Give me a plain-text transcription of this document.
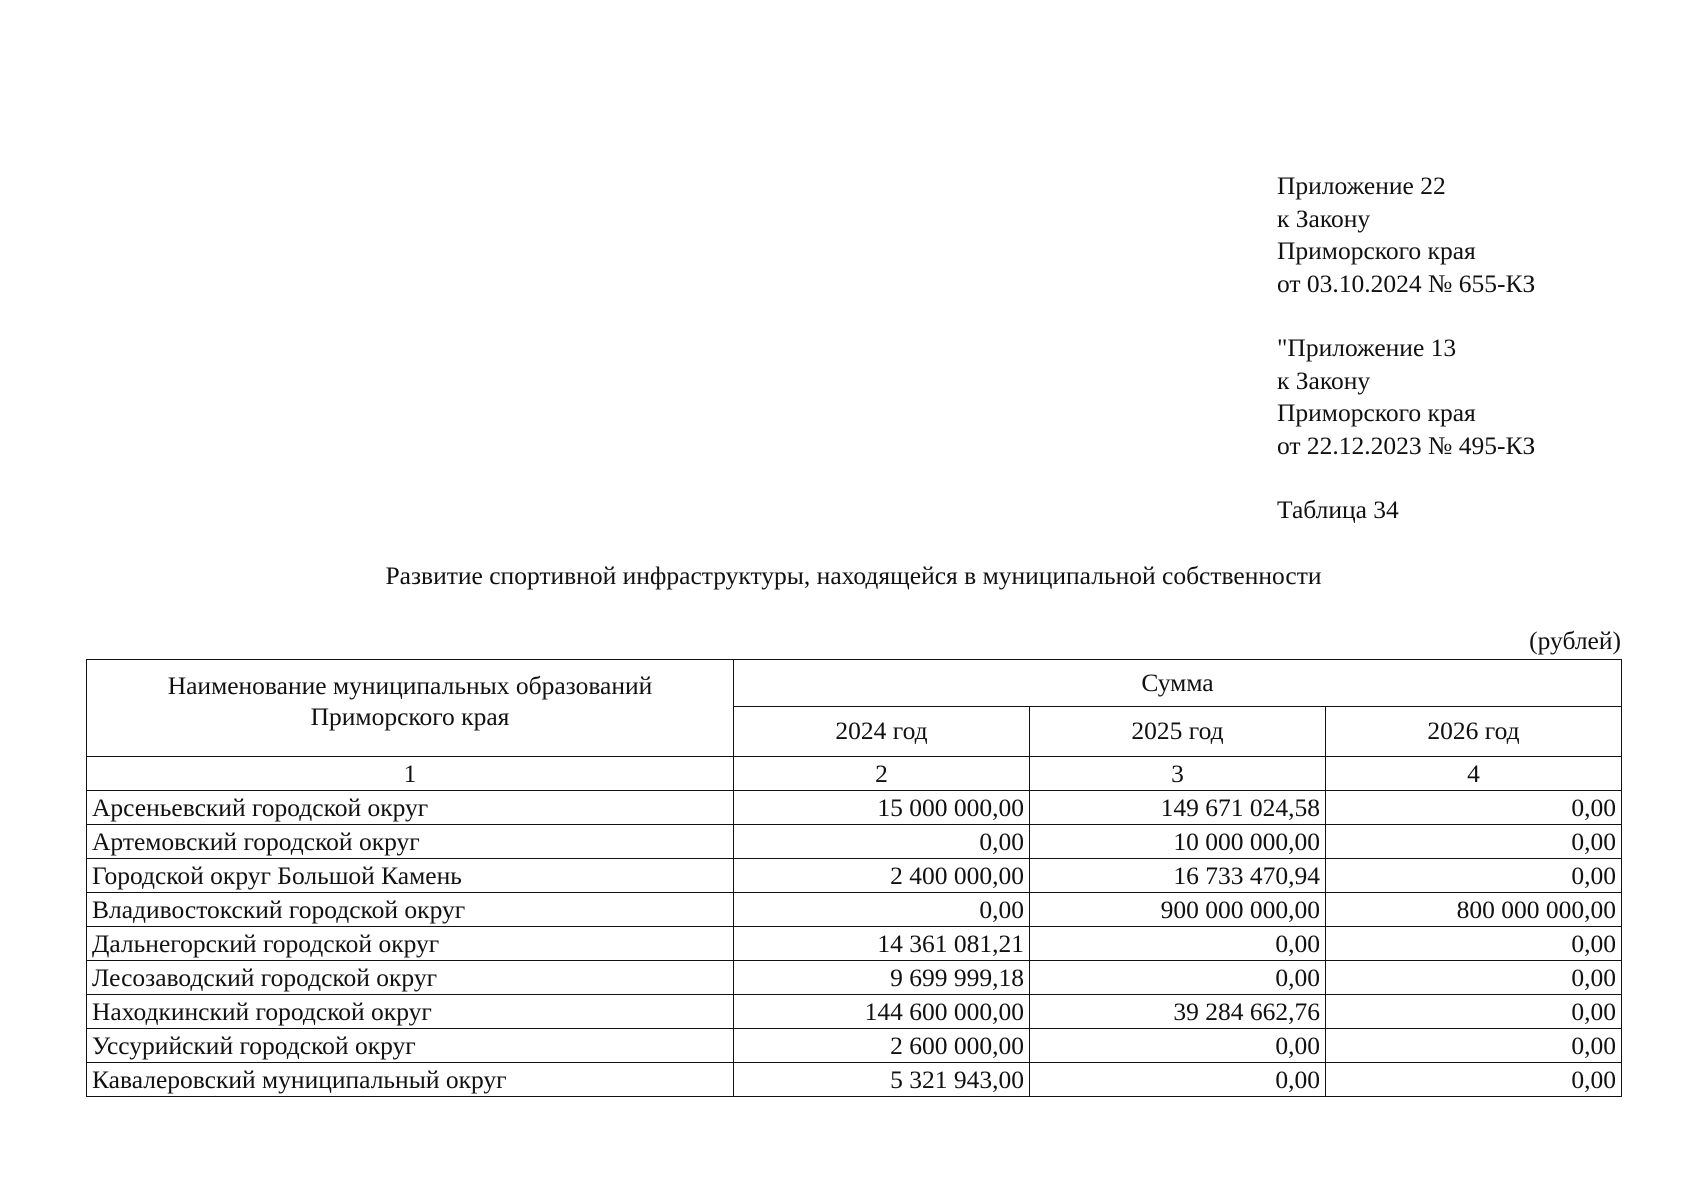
Приложение 22
к Закону
Приморского края
от 03.10.2024 № 655-КЗ
"Приложение 13
к Закону
Приморского края
от 22.12.2023 № 495-КЗ
Таблица 34
Развитие спортивной инфраструктуры, находящейся в муниципальной собственности
(рублей)
Наименование муниципальных образований Приморского края	Сумма		
	2024 год	2025 год	2026 год
1	2	3	4
Арсеньевский городской округ	15 000 000,00	149 671 024,58	0,00
Артемовский городской округ	0,00	10 000 000,00	0,00
Городской округ Большой Камень	2 400 000,00	16 733 470,94	0,00
Владивостокский городской округ	0,00	900 000 000,00	800 000 000,00
Дальнегорский городской округ	14 361 081,21	0,00	0,00
Лесозаводский городской округ	9 699 999,18	0,00	0,00
Находкинский городской округ	144 600 000,00	39 284 662,76	0,00
Уссурийский городской округ	2 600 000,00	0,00	0,00
Кавалеровский муниципальный округ	5 321 943,00	0,00	0,00
